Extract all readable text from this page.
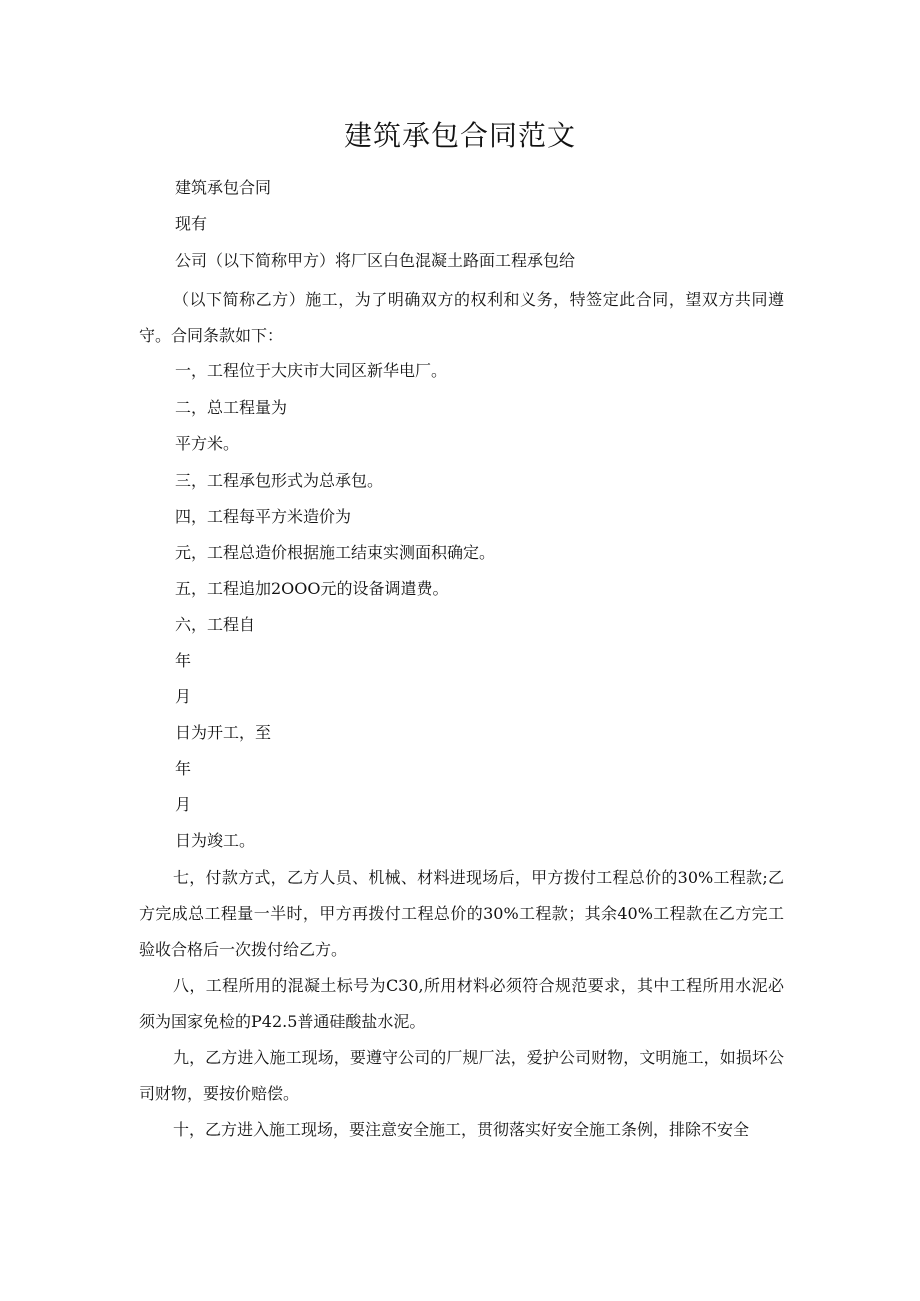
建筑承包合同范文
建筑承包合同
现有
公司（以下简称甲方）将厂区白色混凝土路面工程承包给
（以下简称乙方）施工，为了明确双方的权利和义务，特签定此合同，望双方共同遵守。合同条款如下：
一，工程位于大庆市大同区新华电厂。
二，总工程量为
平方米。
三，工程承包形式为总承包。
四，工程每平方米造价为
元，工程总造价根据施工结束实测面积确定。
五，工程追加2OOO元的设备调遣费。
六，工程自
年
月
日为开工，至
年
月
日为竣工。
七，付款方式，乙方人员、机械、材料进现场后，甲方拨付工程总价的30%工程款;乙方完成总工程量一半时，甲方再拨付工程总价的30%工程款；其余40%工程款在乙方完工验收合格后一次拨付给乙方。
八，工程所用的混凝土标号为C30,所用材料必须符合规范要求，其中工程所用水泥必须为国家免检的P42.5普通硅酸盐水泥。
九，乙方进入施工现场，要遵守公司的厂规厂法，爱护公司财物，文明施工，如损坏公司财物，要按价赔偿。
十，乙方进入施工现场，要注意安全施工，贯彻落实好安全施工条例，排除不安全
